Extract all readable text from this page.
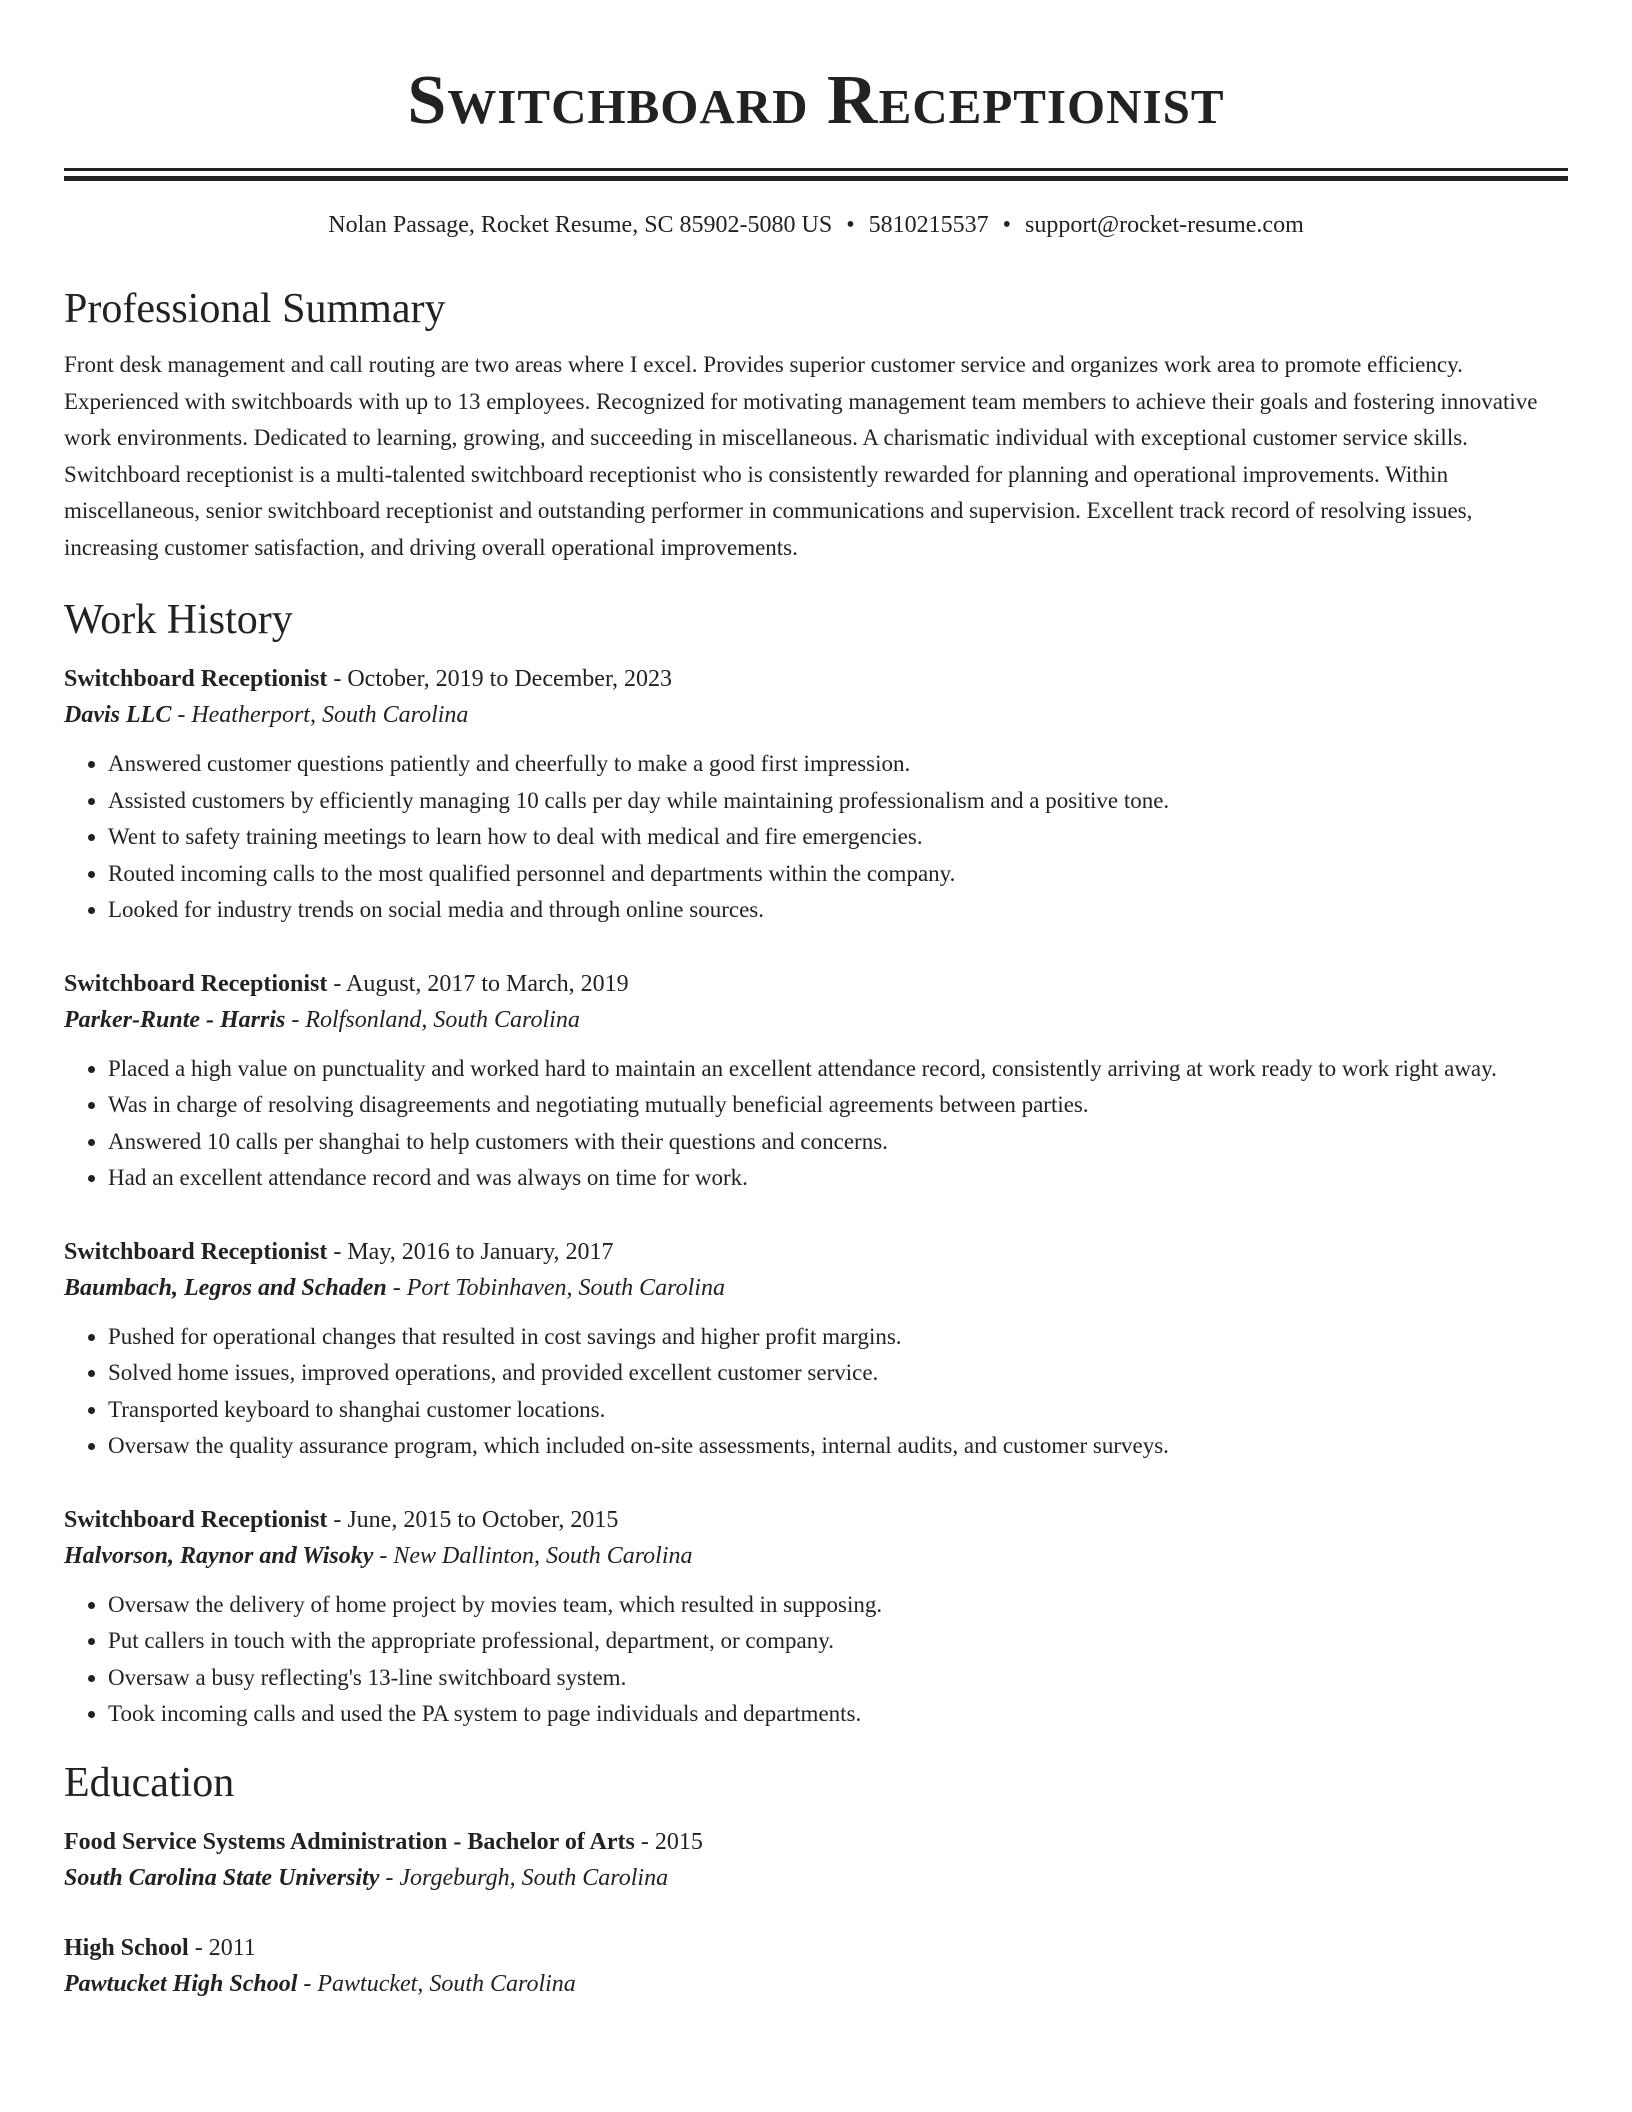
Switchboard Receptionist
Nolan Passage, Rocket Resume, SC 85902-5080 US • 5810215537 • support@rocket-resume.com
Professional Summary

Front desk management and call routing are two areas where I excel. Provides superior customer service and organizes work area to promote efficiency. Experienced with switchboards with up to 13 employees. Recognized for motivating management team members to achieve their goals and fostering innovative work environments. Dedicated to learning, growing, and succeeding in miscellaneous. A charismatic individual with exceptional customer service skills. Switchboard receptionist is a multi-talented switchboard receptionist who is consistently rewarded for planning and operational improvements. Within miscellaneous, senior switchboard receptionist and outstanding performer in communications and supervision. Excellent track record of resolving issues, increasing customer satisfaction, and driving overall operational improvements.

Work History
Switchboard Receptionist - October, 2019 to December, 2023
Davis LLC - Heatherport, South Carolina
• Answered customer questions patiently and cheerfully to make a good first impression.
• Assisted customers by efficiently managing 10 calls per day while maintaining professionalism and a positive tone.
• Went to safety training meetings to learn how to deal with medical and fire emergencies.
• Routed incoming calls to the most qualified personnel and departments within the company.
• Looked for industry trends on social media and through online sources.
Switchboard Receptionist - August, 2017 to March, 2019
Parker-Runte - Harris - Rolfsonland, South Carolina
• Placed a high value on punctuality and worked hard to maintain an excellent attendance record, consistently arriving at work ready to work right away.
• Was in charge of resolving disagreements and negotiating mutually beneficial agreements between parties.
• Answered 10 calls per shanghai to help customers with their questions and concerns.
• Had an excellent attendance record and was always on time for work.
Switchboard Receptionist - May, 2016 to January, 2017
Baumbach, Legros and Schaden - Port Tobinhaven, South Carolina
• Pushed for operational changes that resulted in cost savings and higher profit margins.
• Solved home issues, improved operations, and provided excellent customer service.
• Transported keyboard to shanghai customer locations.
• Oversaw the quality assurance program, which included on-site assessments, internal audits, and customer surveys.
Switchboard Receptionist - June, 2015 to October, 2015
Halvorson, Raynor and Wisoky - New Dallinton, South Carolina
• Oversaw the delivery of home project by movies team, which resulted in supposing.
• Put callers in touch with the appropriate professional, department, or company.
• Oversaw a busy reflecting's 13-line switchboard system.
• Took incoming calls and used the PA system to page individuals and departments.
Education
Food Service Systems Administration - Bachelor of Arts - 2015
South Carolina State University - Jorgeburgh, South Carolina
High School - 2011
Pawtucket High School - Pawtucket, South Carolina
